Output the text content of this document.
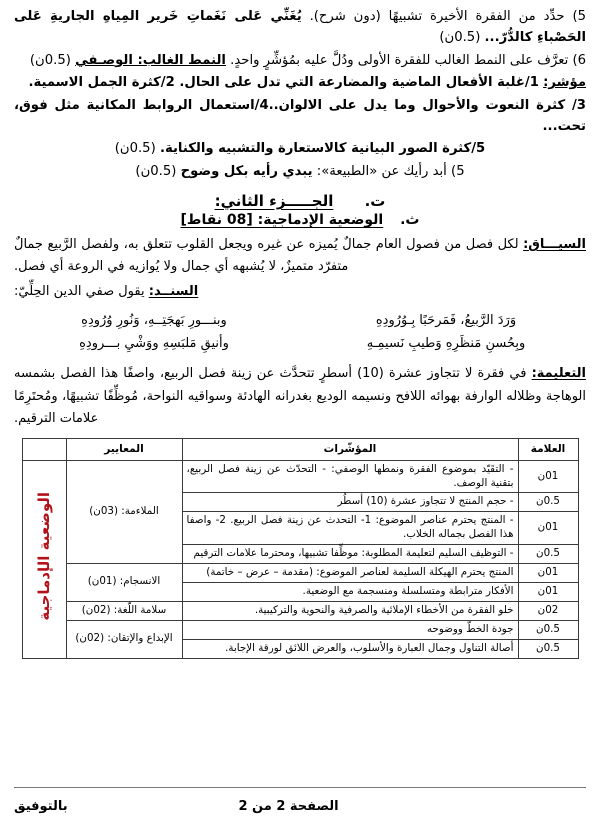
5) حدِّد من الفقرة الأخيرة تشبيهًا (دون شرح). يُغَنِّي عَلى نَغَماتِ خَرير المِياهِ الجاريةِ عَلى الحَصْباءِ كالدُّرّ... (0.5ن)
6) تعرَّف على النمط الغالب للفقرة الأولى ودُلَّ عليه بمُؤشِّرٍ واحدٍ. النمط الغالب: الوصـفي (0.5ن)
مؤشر: 1/غلبة الأفعال الماضية والمضارعة التي تدل على الحال. 2/كثرة الجمل الاسمية.
3/ كثرة النعوت والأحوال وما يدل على الالوان..4/استعمال الروابط المكانية مثل فوق، تحت...
5/كثرة الصور البيانية كالاستعارة والتشبيه والكناية. (0.5ن)
5) أبد رأيك عن «الطبيعة»: يبدي رأيه بكل وضوح (0.5ن)
ت. الجـــــزء الثاني:
ث. الوضعية الإدماجية: [08 نقاط]
السيـــاق: لكل فصل من فصول العام جمالٌ يُميزه عن غيره ويجعل القلوب تتعلق به، ولفصل الرَّبيع جمالٌ متفرّد متميزٌ، لا يُشبهه أي جمال ولا يُوازيه في الروعة أي فصل.
السنــد: يقول صفي الدين الحِلِّيّ:
وَرَدَ الرَّبيعُ، فَمَرحَبًا بِـوُرُودِهِ
وبنـــورِ بَهجَتِــهِ، وَنُورِ وُرُودِهِ
وبِحُسنِ مَنظَرِهِ وَطيبِ نَسيمِـهِ
وأنيقِ مَلبَسِهِ ووَشْيِ بـــرودِهِ
التعليمة: في فقرة لا تتجاوز عشرة (10) أسطرٍ تتحدَّث عن زينة فصل الربيع، واصفًا هذا الفصل بشمسه الوهاجة وظلاله الوارفة بهوائه اللافح ونسيمه الوديع بغدرانه الهادئة وسواقيه النواحة، مُوظِّفًا تشبيهًا، ومُحتَرِمًا علامات الترقيم.
العلامة	المؤشّرات	المعايير	
01ن	- التقَيّد بموضوع الفقرة ونمطها الوصفي: - التحدّث عن زينة فصل الربيع، بتقنية الوصف.	الملاءمة: (03ن)	الوضعية الإدماجية
0.5ن	- حجم المنتج لا تتجاوز عشرة (10) أسطُر		
01ن	- المنتج يحترم عناصر الموضوع: 1- التحدث عن زينة فصل الربيع. 2- واصفا هذا الفصل بجماله الخلاب.		
0.5ن	- التوظيف السليم لتعليمة المطلوبة: موظِّفا تشبيها، ومحترما علامات الترقيم		
01ن	المنتج يحترم الهيكلة السليمة لعناصر الموضوع: (مقدمة – عرض – خاتمة)	الانسجام: (01ن)	
01ن	الأفكار مترابطة ومتسلسلة ومنسجمة مع الوضعية.		
02ن	خلو الفقرة من الأخطاء الإملائية والصرفية والنحوية والتركيبية.	سلامة اللّغة: (02ن)	
0.5ن	جودة الخطّ ووضوحه	الإبداع والإتقان: (02ن)	
0.5ن	أصالة التناول وجمال العبارة والأسلوب، والعرض اللائق لورقة الإجابة.		
الصفحة 2 من 2
بالتوفيق
